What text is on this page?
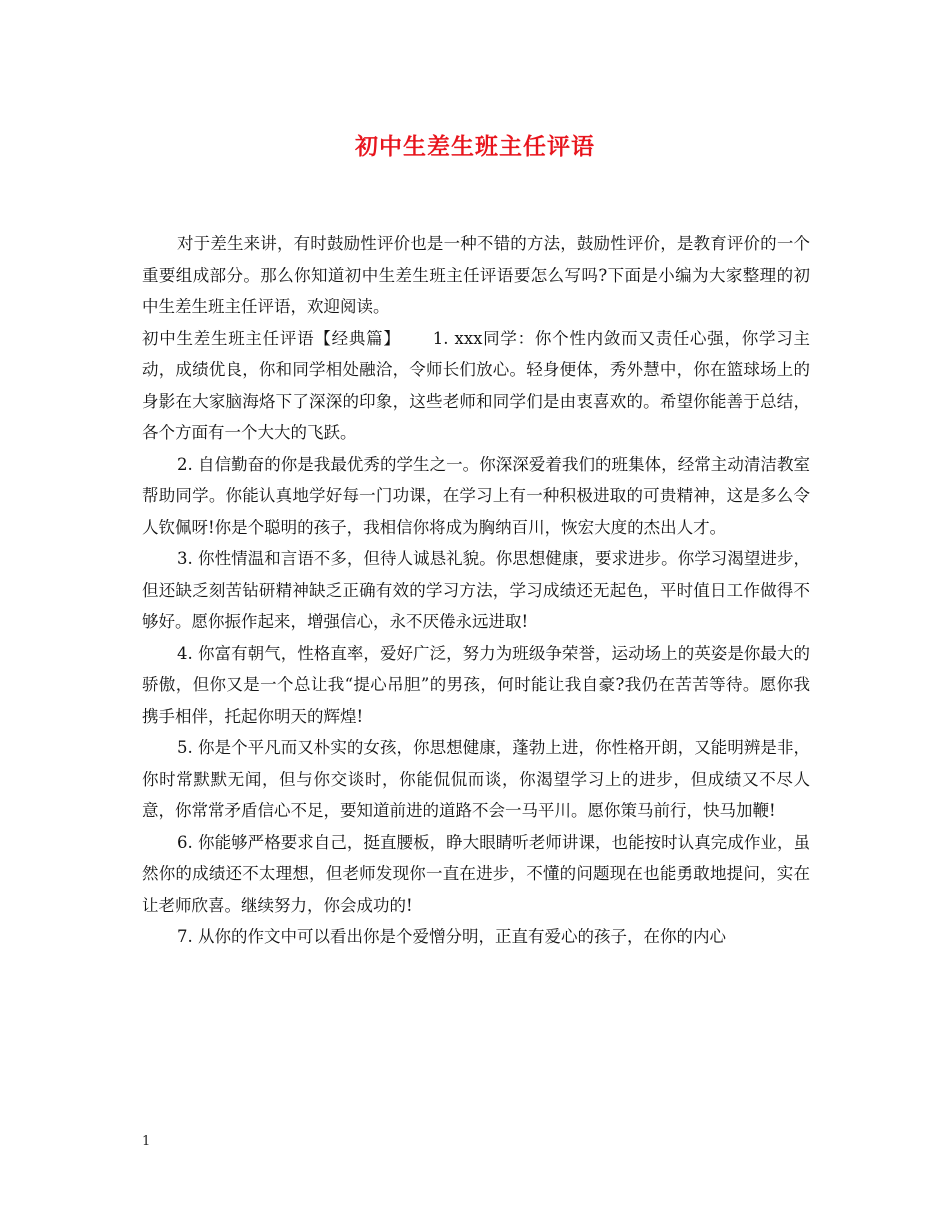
初中生差生班主任评语

对于差生来讲，有时鼓励性评价也是一种不错的方法，鼓励性评价，是教育评价的一个重要组成部分。那么你知道初中生差生班主任评语要怎么写吗?下面是小编为大家整理的初中生差生班主任评语，欢迎阅读。

初中生差生班主任评语【经典篇】　　 1. xxx同学：你个性内敛而又责任心强，你学习主动，成绩优良，你和同学相处融洽，令师长们放心。轻身便体，秀外慧中，你在篮球场上的身影在大家脑海烙下了深深的印象，这些老师和同学们是由衷喜欢的。希望你能善于总结，各个方面有一个大大的飞跃。

2. 自信勤奋的你是我最优秀的学生之一。你深深爱着我们的班集体，经常主动清洁教室帮助同学。你能认真地学好每一门功课，在学习上有一种积极进取的可贵精神，这是多么令人钦佩呀!你是个聪明的孩子，我相信你将成为胸纳百川，恢宏大度的杰出人才。

3. 你性情温和言语不多，但待人诚恳礼貌。你思想健康，要求进步。你学习渴望进步，但还缺乏刻苦钻研精神缺乏正确有效的学习方法，学习成绩还无起色，平时值日工作做得不够好。愿你振作起来，增强信心，永不厌倦永远进取!

4. 你富有朝气，性格直率，爱好广泛，努力为班级争荣誉，运动场上的英姿是你最大的骄傲，但你又是一个总让我“提心吊胆”的男孩，何时能让我自豪?我仍在苦苦等待。愿你我携手相伴，托起你明天的辉煌!

5. 你是个平凡而又朴实的女孩，你思想健康，蓬勃上进，你性格开朗，又能明辨是非，你时常默默无闻，但与你交谈时，你能侃侃而谈，你渴望学习上的进步，但成绩又不尽人意，你常常矛盾信心不足，要知道前进的道路不会一马平川。愿你策马前行，快马加鞭!

6. 你能够严格要求自己，挺直腰板，睁大眼睛听老师讲课，也能按时认真完成作业，虽然你的成绩还不太理想，但老师发现你一直在进步，不懂的问题现在也能勇敢地提问，实在让老师欣喜。继续努力，你会成功的!

7. 从你的作文中可以看出你是个爱憎分明，正直有爱心的孩子，在你的内心

1
